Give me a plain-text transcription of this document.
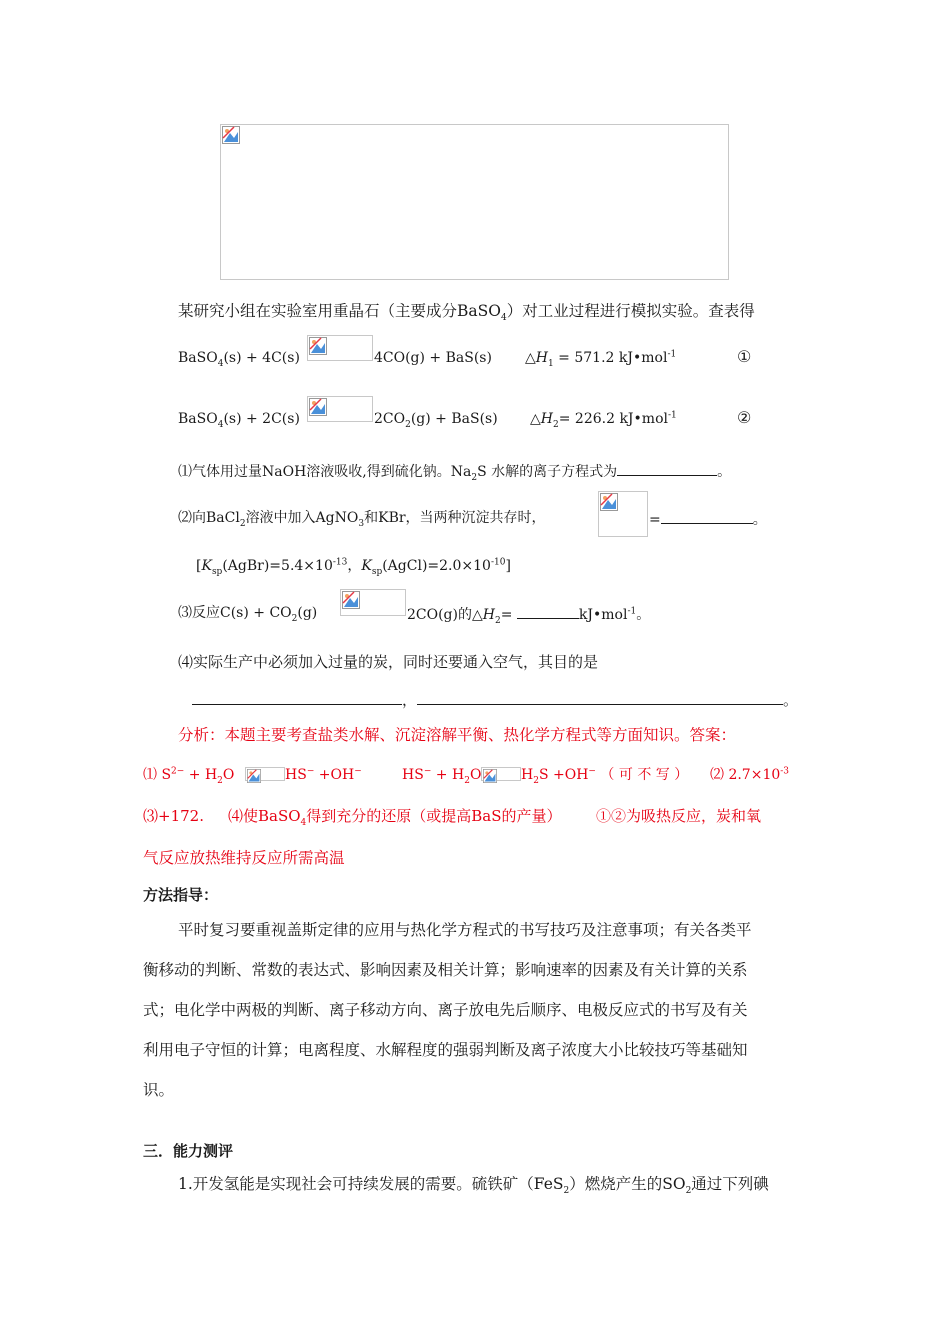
某研究小组在实验室用重晶石（主要成分BaSO$_4$）对工业过程进行模拟实验。查表得
BaSO$_4$(s) + 4C(s)	4CO(g) + BaS(s) $\triangle H_1 = 571.2$ kJ•mol$^{-1}$	①
BaSO$_4$(s) + 2C(s)	$2CO_2(g) + BaS(s)$ $\triangle H_2= 226.2$ kJ•mol$^{-1}$	②
⑴气体用过量NaOH溶液吸收,得到硫化钠。$Na_2S$ 水解的离子方程式为	。
⑵向BaCl$_2$溶液中加入AgNO$_3$和KBr，当两种沉淀共存时，	=	。
[$K_{sp}(AgBr)=5.4\times 10^{-13}$，$K_{sp}(AgCl)=2.0\times 10^{-10}$]
⑶反应$C(s) + CO_2(g)$	2CO(g)的$\triangle H_2=$	kJ•mol$^{-1}$。
⑷实际生产中必须加入过量的炭，同时还要通入空气，其目的是
，	。
分析：本题主要考查盐类水解、沉淀溶解平衡、热化学方程式等方面知识。答案：
⑴ $S^{2-} + H_2O$	HS− +OH−	$HS^- + H_2O$	$H_2S +OH^-$ （ 可 不 写 ） ⑵ $2.7\times 10^{-3}$
⑶+172. ⑷使BaSO$_4$得到充分的还原（或提高BaS的产量） ①②为吸热反应，炭和氧
气反应放热维持反应所需高温
方法指导：
平时复习要重视盖斯定律的应用与热化学方程式的书写技巧及注意事项；有关各类平
衡移动的判断、常数的表达式、影响因素及相关计算；影响速率的因素及有关计算的关系
式；电化学中两极的判断、离子移动方向、离子放电先后顺序、电极反应式的书写及有关
利用电子守恒的计算；电离程度、水解程度的强弱判断及离子浓度大小比较技巧等基础知
识。
三．能力测评
1.开发氢能是实现社会可持续发展的需要。硫铁矿（FeS$_2$）燃烧产生的$SO_2$通过下列碘
